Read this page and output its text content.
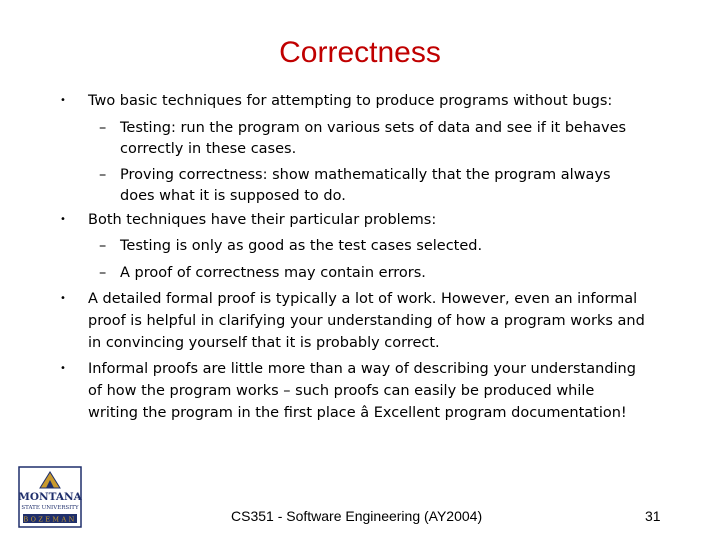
Correctness
• Two basic techniques for attempting to produce programs without bugs:
– Testing: run the program on various sets of data and see if it behaves
correctly in these cases.
– Proving correctness: show mathematically that the program always
does what it is supposed to do.
• Both techniques have their particular problems:
– Testing is only as good as the test cases selected.
– A proof of correctness may contain errors.
• A detailed formal proof is typically a lot of work. However, even an informal
proof is helpful in clarifying your understanding of how a program works and
in convincing yourself that it is probably correct.
• Informal proofs are little more than a way of describing your understanding
of how the program works – such proofs can easily be produced while
writing the program in the first place â Excellent program documentation!
MONTANA
STATE UNIVERSITY
BOZEMAN	CS351 - Software Engineering (AY2004)	31
